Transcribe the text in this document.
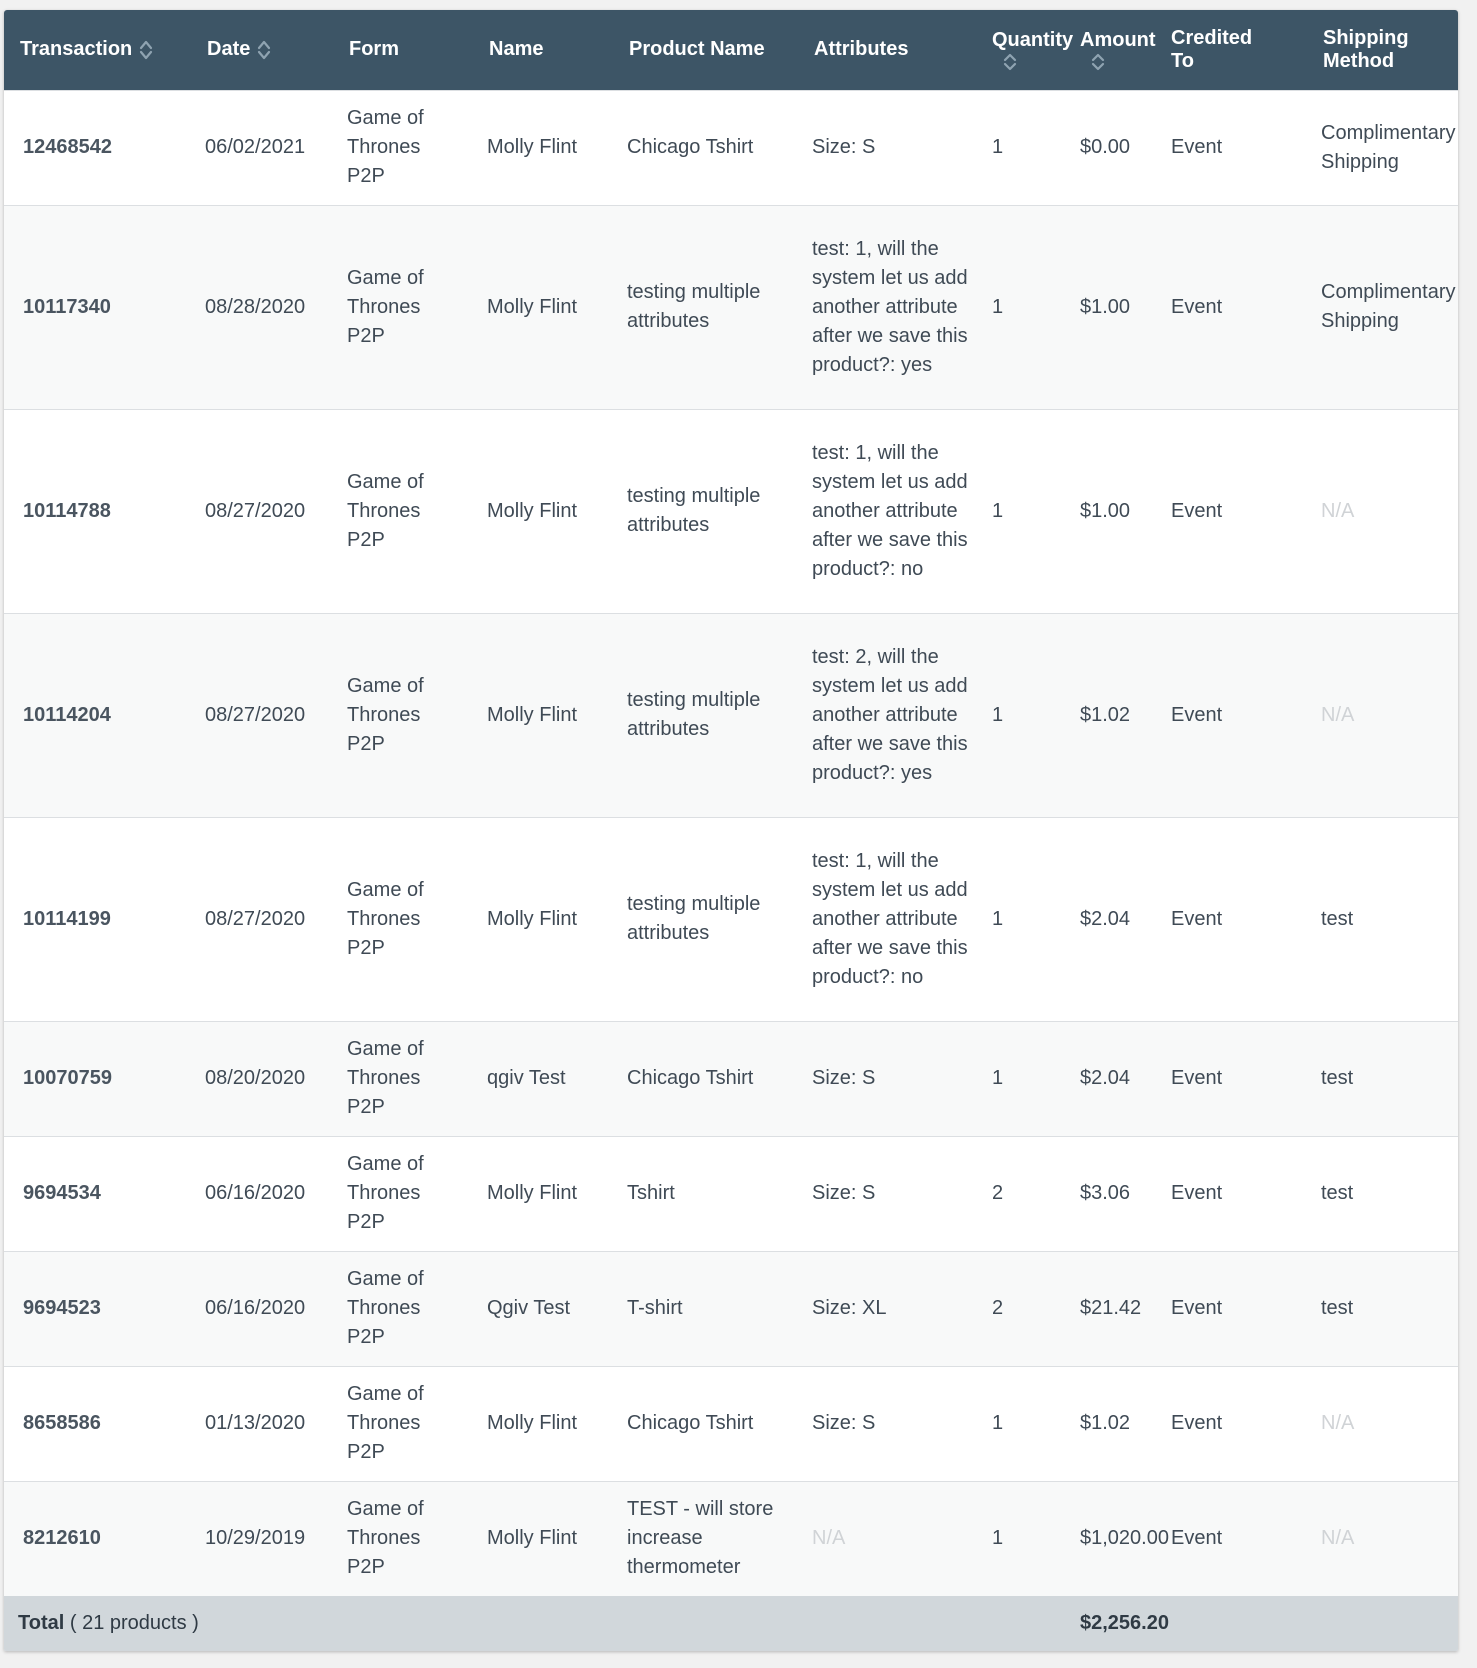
Transaction	Date	Form	Name	Product Name	Attributes	Quantity	Amount	Credited To	Shipping Method
12468542	06/02/2021	Game of Thrones P2P	Molly Flint	Chicago Tshirt	Size: S	1	$0.00	Event	Complimentary Shipping
10117340	08/28/2020	Game of Thrones P2P	Molly Flint	testing multiple attributes	test: 1, will the system let us add another attribute after we save this product?: yes	1	$1.00	Event	Complimentary Shipping
10114788	08/27/2020	Game of Thrones P2P	Molly Flint	testing multiple attributes	test: 1, will the system let us add another attribute after we save this product?: no	1	$1.00	Event	N/A
10114204	08/27/2020	Game of Thrones P2P	Molly Flint	testing multiple attributes	test: 2, will the system let us add another attribute after we save this product?: yes	1	$1.02	Event	N/A
10114199	08/27/2020	Game of Thrones P2P	Molly Flint	testing multiple attributes	test: 1, will the system let us add another attribute after we save this product?: no	1	$2.04	Event	test
10070759	08/20/2020	Game of Thrones P2P	qgiv Test	Chicago Tshirt	Size: S	1	$2.04	Event	test
9694534	06/16/2020	Game of Thrones P2P	Molly Flint	Tshirt	Size: S	2	$3.06	Event	test
9694523	06/16/2020	Game of Thrones P2P	Qgiv Test	T-shirt	Size: XL	2	$21.42	Event	test
8658586	01/13/2020	Game of Thrones P2P	Molly Flint	Chicago Tshirt	Size: S	1	$1.02	Event	N/A
8212610	10/29/2019	Game of Thrones P2P	Molly Flint	TEST - will store increase thermometer	N/A	1	$1,020.00	Event	N/A
Total ( 21 products )							$2,256.20		
